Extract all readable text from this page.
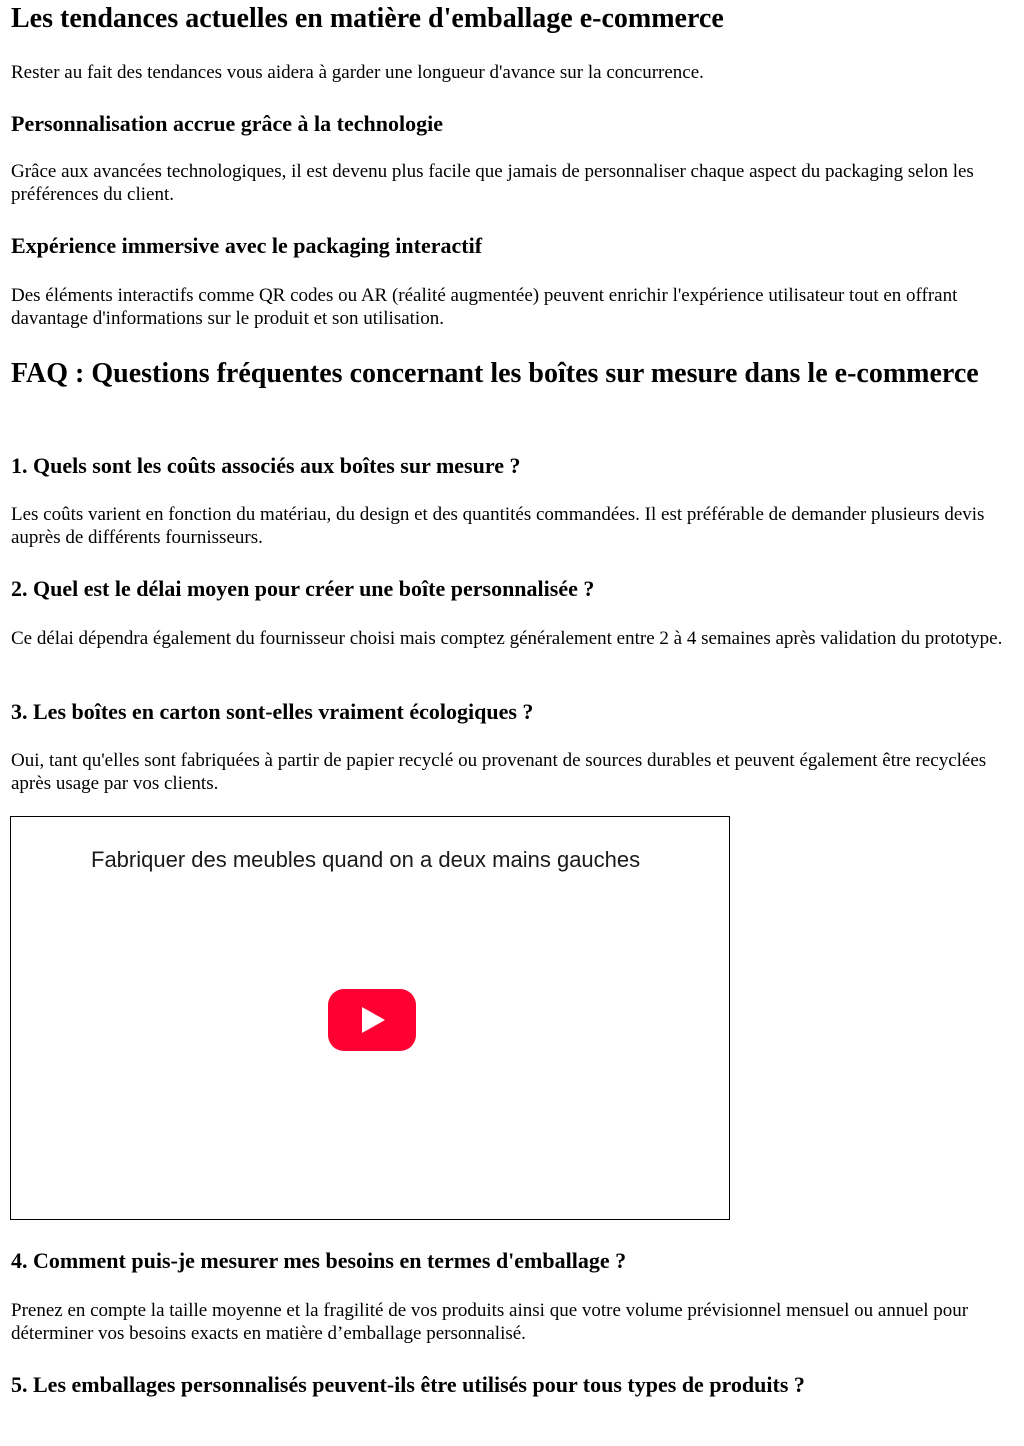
Les tendances actuelles en matière d'emballage e-commerce

Rester au fait des tendances vous aidera à garder une longueur d'avance sur la concurrence.

Personnalisation accrue grâce à la technologie

Grâce aux avancées technologiques, il est devenu plus facile que jamais de personnaliser chaque aspect du packaging selon les préférences du client.

Expérience immersive avec le packaging interactif

Des éléments interactifs comme QR codes ou AR (réalité augmentée) peuvent enrichir l'expérience utilisateur tout en offrant davantage d'informations sur le produit et son utilisation.

FAQ : Questions fréquentes concernant les boîtes sur mesure dans le e-commerce
1. Quels sont les coûts associés aux boîtes sur mesure ?

Les coûts varient en fonction du matériau, du design et des quantités commandées. Il est préférable de demander plusieurs devis auprès de différents fournisseurs.

2. Quel est le délai moyen pour créer une boîte personnalisée ?

Ce délai dépendra également du fournisseur choisi mais comptez généralement entre 2 à 4 semaines après validation du prototype.

3. Les boîtes en carton sont-elles vraiment écologiques ?

Oui, tant qu'elles sont fabriquées à partir de papier recyclé ou provenant de sources durables et peuvent également être recyclées après usage par vos clients.

Fabriquer des meubles quand on a deux mains gauches
4. Comment puis-je mesurer mes besoins en termes d'emballage ?

Prenez en compte la taille moyenne et la fragilité de vos produits ainsi que votre volume prévisionnel mensuel ou annuel pour déterminer vos besoins exacts en matière d’emballage personnalisé.

5. Les emballages personnalisés peuvent-ils être utilisés pour tous types de produits ?
